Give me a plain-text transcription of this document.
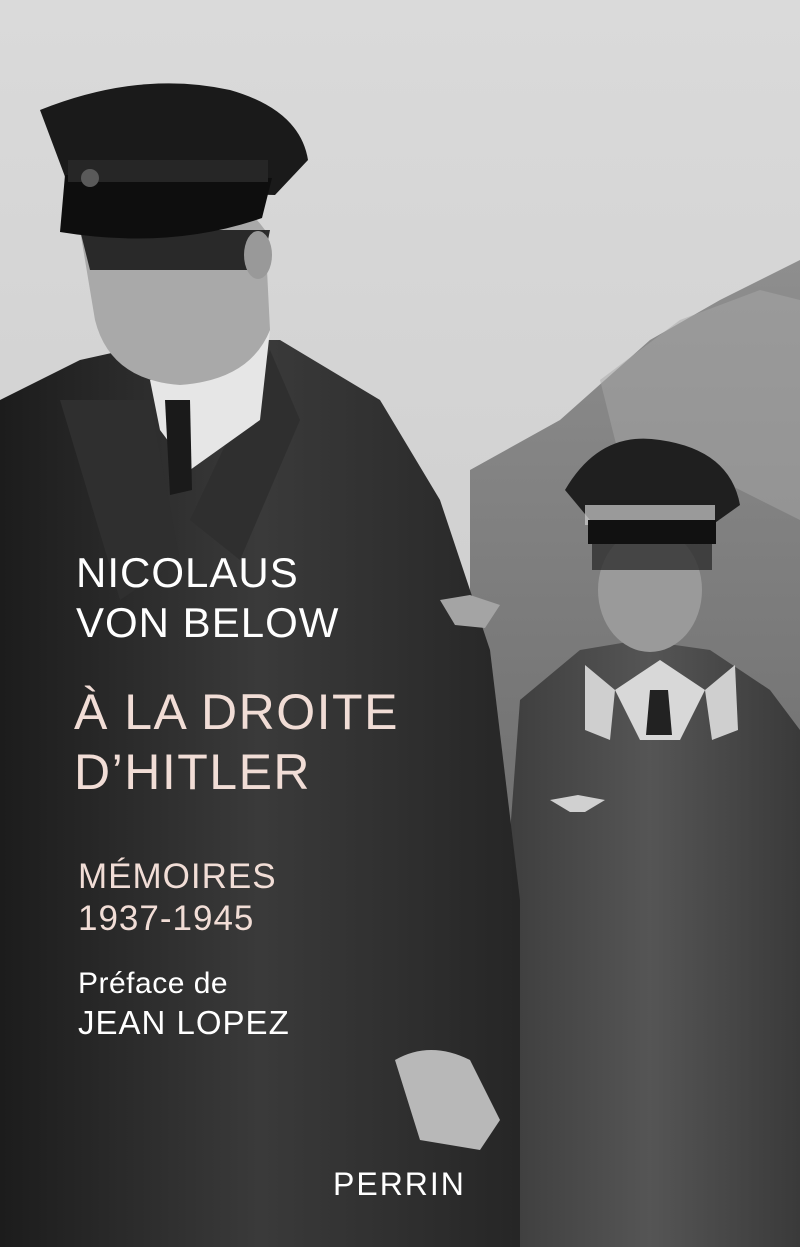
NICOLAUS
VON BELOW
À LA DROITE
D’HITLER
MÉMOIRES
1937-1945
Préface de
JEAN LOPEZ
PERRIN
